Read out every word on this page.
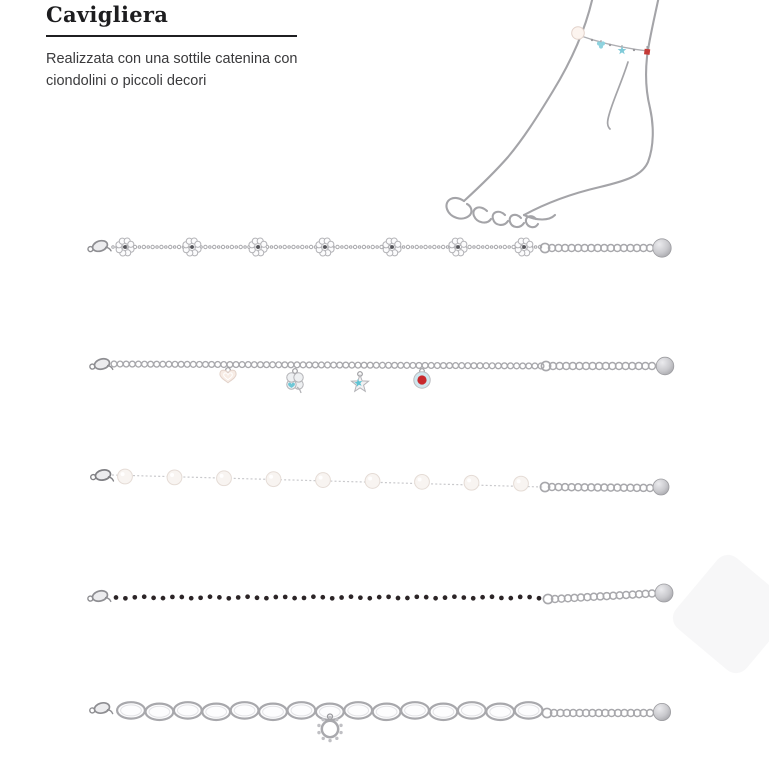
Cavigliera

Realizzata con una sottile catenina con
ciondolini o piccoli decori
